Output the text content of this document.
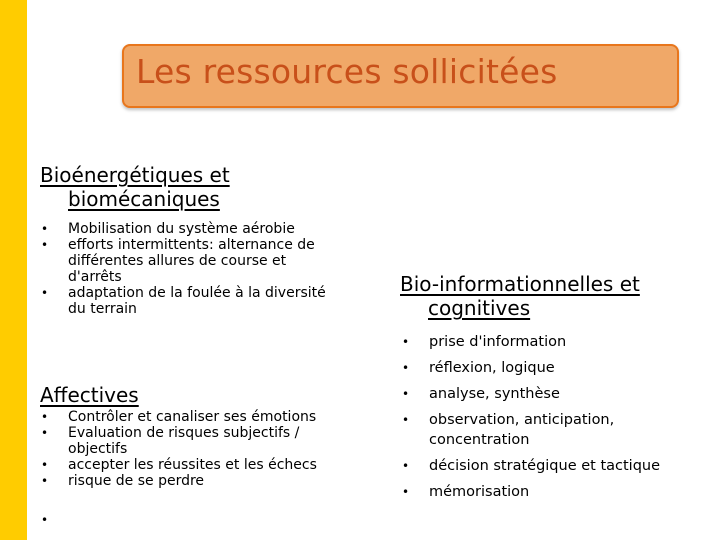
Les ressources sollicitées
Bioénergétiques et
biomécaniques
• Mobilisation du système aérobie
• efforts intermittents: alternance de différentes allures de course et d'arrêts
• adaptation de la foulée à la diversité du terrain
Affectives
• Contrôler et canaliser ses émotions
• Evaluation de risques subjectifs / objectifs
• accepter les réussites et les échecs
• risque de se perdre
•
Bio-informationnelles et
cognitives
• prise d'information
• réflexion, logique
• analyse, synthèse
• observation, anticipation, concentration
• décision stratégique et tactique
• mémorisation
